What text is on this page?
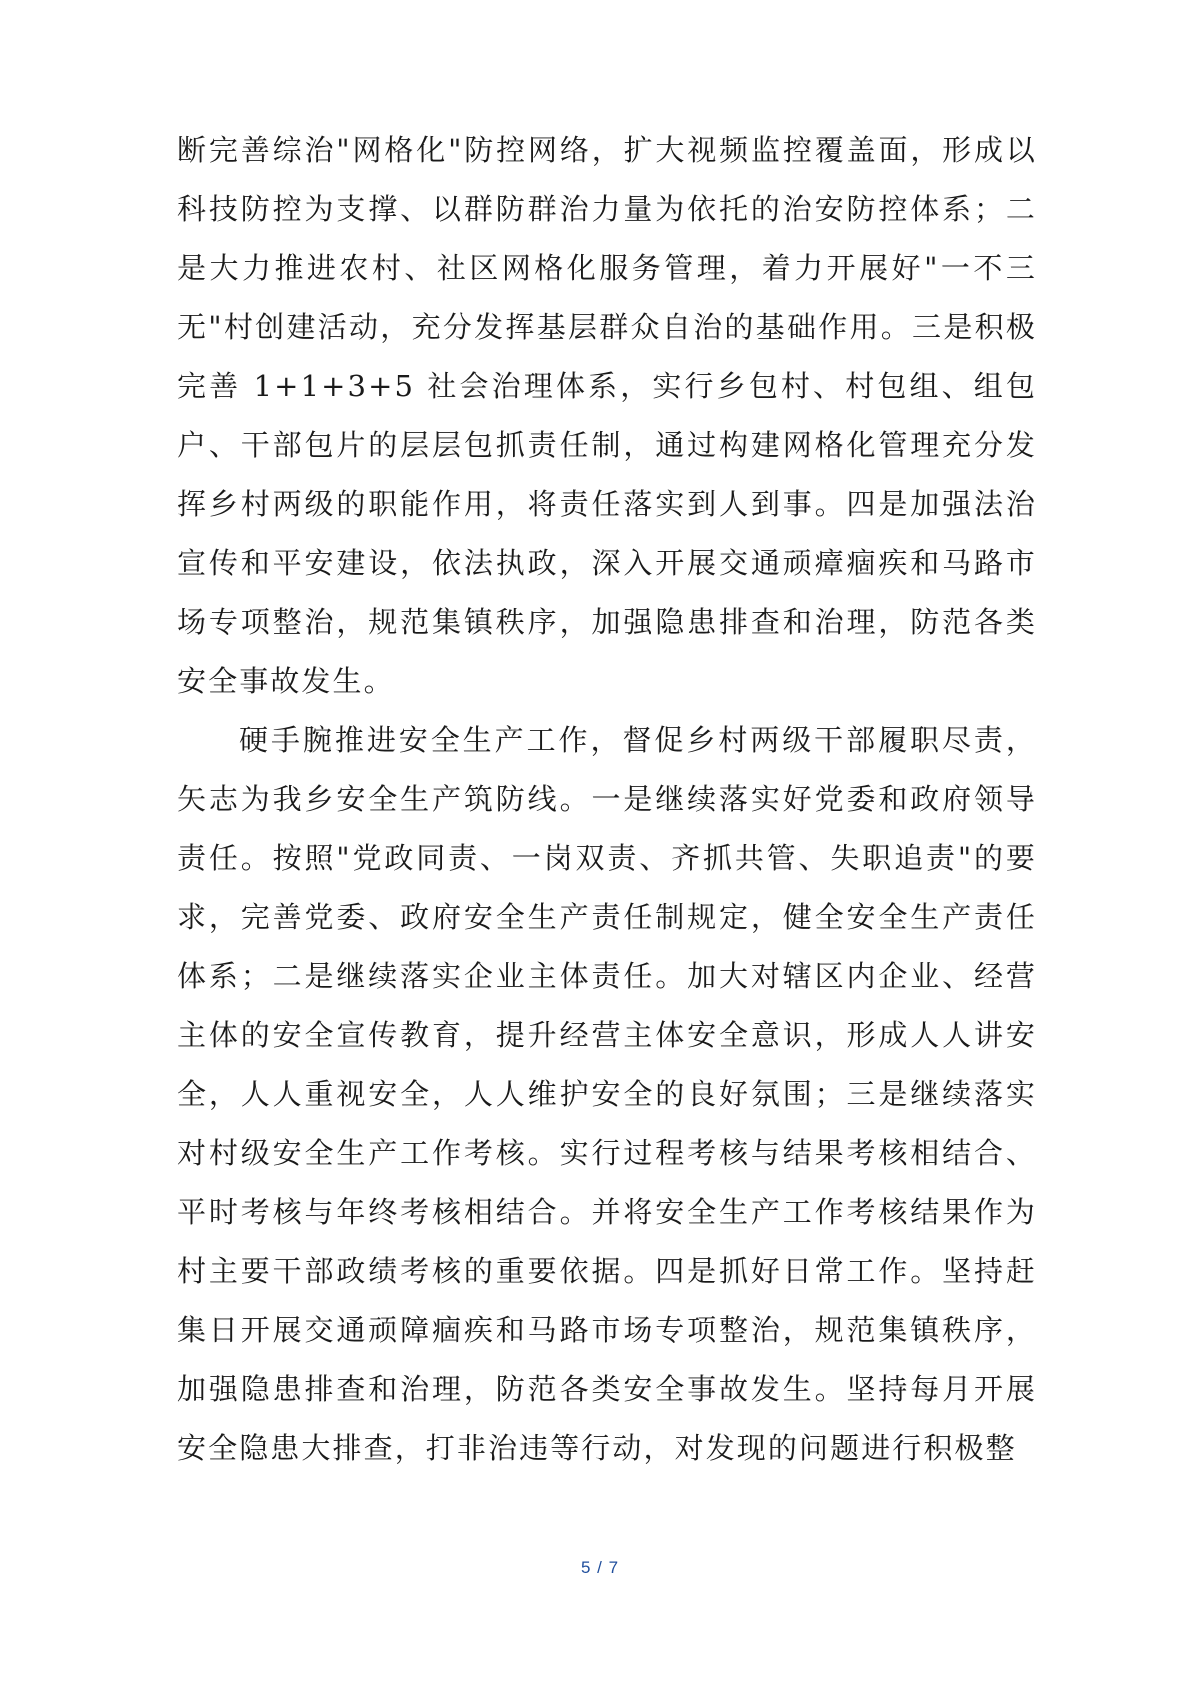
断完善综治"网格化"防控网络，扩大视频监控覆盖面，形成以科技防控为支撑、以群防群治力量为依托的治安防控体系；二是大力推进农村、社区网格化服务管理，着力开展好"一不三无"村创建活动，充分发挥基层群众自治的基础作用。三是积极完善 1+1+3+5 社会治理体系，实行乡包村、村包组、组包户、干部包片的层层包抓责任制，通过构建网格化管理充分发挥乡村两级的职能作用，将责任落实到人到事。四是加强法治宣传和平安建设，依法执政，深入开展交通顽瘴痼疾和马路市场专项整治，规范集镇秩序，加强隐患排查和治理，防范各类安全事故发生。

硬手腕推进安全生产工作，督促乡村两级干部履职尽责，矢志为我乡安全生产筑防线。一是继续落实好党委和政府领导责任。按照"党政同责、一岗双责、齐抓共管、失职追责"的要求，完善党委、政府安全生产责任制规定，健全安全生产责任体系；二是继续落实企业主体责任。加大对辖区内企业、经营主体的安全宣传教育，提升经营主体安全意识，形成人人讲安全，人人重视安全，人人维护安全的良好氛围；三是继续落实对村级安全生产工作考核。实行过程考核与结果考核相结合、平时考核与年终考核相结合。并将安全生产工作考核结果作为村主要干部政绩考核的重要依据。四是抓好日常工作。坚持赶集日开展交通顽障痼疾和马路市场专项整治，规范集镇秩序，加强隐患排查和治理，防范各类安全事故发生。坚持每月开展安全隐患大排查，打非治违等行动，对发现的问题进行积极整

5 / 7
